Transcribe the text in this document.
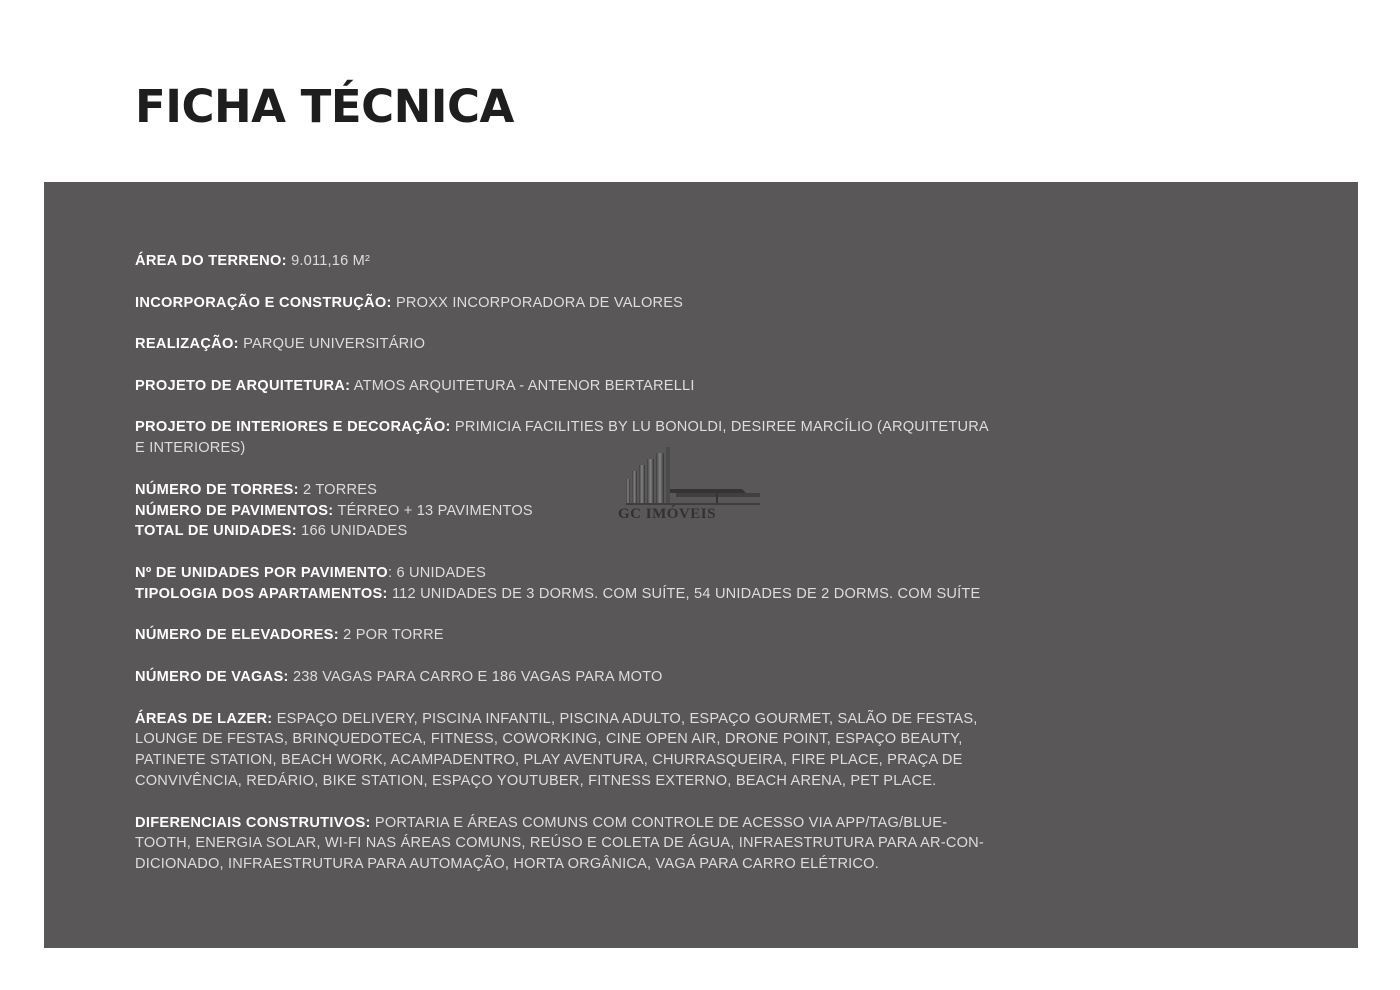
FICHA TÉCNICA

ÁREA DO TERRENO: 9.011,16 M²

INCORPORAÇÃO E CONSTRUÇÃO: PROXX INCORPORADORA DE VALORES

REALIZAÇÃO: PARQUE UNIVERSITÁRIO

PROJETO DE ARQUITETURA: ATMOS ARQUITETURA - ANTENOR BERTARELLI

PROJETO DE INTERIORES E DECORAÇÃO: PRIMICIA FACILITIES BY LU BONOLDI, DESIREE MARCÍLIO (ARQUITETURA E INTERIORES)

NÚMERO DE TORRES: 2 TORRES

NÚMERO DE PAVIMENTOS: TÉRREO + 13 PAVIMENTOS

TOTAL DE UNIDADES: 166 UNIDADES

Nº DE UNIDADES POR PAVIMENTO: 6 UNIDADES

TIPOLOGIA DOS APARTAMENTOS: 112 UNIDADES DE 3 DORMS. COM SUÍTE, 54 UNIDADES DE 2 DORMS. COM SUÍTE

NÚMERO DE ELEVADORES: 2 POR TORRE

NÚMERO DE VAGAS: 238 VAGAS PARA CARRO E 186 VAGAS PARA MOTO

ÁREAS DE LAZER: ESPAÇO DELIVERY, PISCINA INFANTIL, PISCINA ADULTO, ESPAÇO GOURMET, SALÃO DE FESTAS, LOUNGE DE FESTAS, BRINQUEDOTECA, FITNESS, COWORKING, CINE OPEN AIR, DRONE POINT, ESPAÇO BEAUTY, PATINETE STATION, BEACH WORK, ACAMPADENTRO, PLAY AVENTURA, CHURRASQUEIRA, FIRE PLACE, PRAÇA DE CONVIVÊNCIA, REDÁRIO, BIKE STATION, ESPAÇO YOUTUBER, FITNESS EXTERNO, BEACH ARENA, PET PLACE.

DIFERENCIAIS CONSTRUTIVOS: PORTARIA E ÁREAS COMUNS COM CONTROLE DE ACESSO VIA APP/TAG/BLUE-TOOTH, ENERGIA SOLAR, WI-FI NAS ÁREAS COMUNS, REÚSO E COLETA DE ÁGUA, INFRAESTRUTURA PARA AR-CON-DICIONADO, INFRAESTRUTURA PARA AUTOMAÇÃO, HORTA ORGÂNICA, VAGA PARA CARRO ELÉTRICO.

GC IMÓVEIS
